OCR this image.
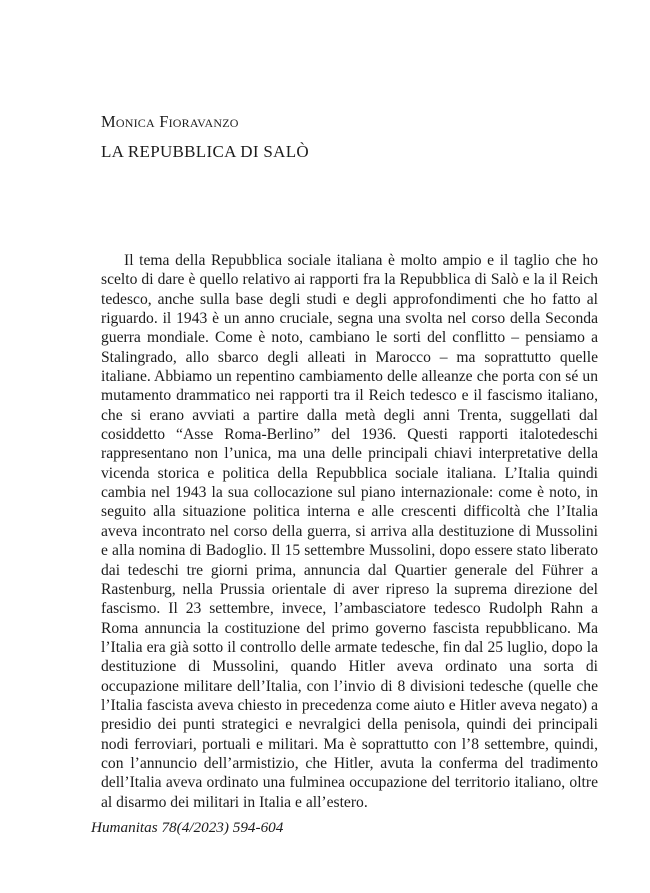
Monica Fioravanzo
LA REPUBBLICA DI SALÒ

Il tema della Repubblica sociale italiana è molto ampio e il taglio che ho scelto di dare è quello relativo ai rapporti fra la Repubblica di Salò e la il Reich tedesco, anche sulla base degli studi e degli approfondimenti che ho fatto al riguardo. il 1943 è un anno cruciale, segna una svolta nel corso della Seconda guerra mondiale. Come è noto, cambiano le sorti del conflitto – pensiamo a Stalingrado, allo sbarco degli alleati in Marocco – ma soprattutto quelle italiane. Abbiamo un repentino cambiamento delle alleanze che porta con sé un mutamento drammatico nei rapporti tra il Reich tedesco e il fascismo italiano, che si erano avviati a partire dalla metà degli anni Trenta, suggellati dal cosiddetto “Asse Roma-Berlino” del 1936. Questi rapporti italotedeschi rappresentano non l’unica, ma una delle principali chiavi interpretative della vicenda storica e politica della Repubblica sociale italiana. L’Italia quindi cambia nel 1943 la sua collocazione sul piano internazionale: come è noto, in seguito alla situazione politica interna e alle crescenti difficoltà che l’Italia aveva incontrato nel corso della guerra, si arriva alla destituzione di Mussolini e alla nomina di Badoglio. Il 15 settembre Mussolini, dopo essere stato liberato dai tedeschi tre giorni prima, annuncia dal Quartier generale del Führer a Rastenburg, nella Prussia orientale di aver ripreso la suprema direzione del fascismo. Il 23 settembre, invece, l’ambasciatore tedesco Rudolph Rahn a Roma annuncia la costituzione del primo governo fascista repubblicano. Ma l’Italia era già sotto il controllo delle armate tedesche, fin dal 25 luglio, dopo la destituzione di Mussolini, quando Hitler aveva ordinato una sorta di occupazione militare dell’Italia, con l’invio di 8 divisioni tedesche (quelle che l’Italia fascista aveva chiesto in precedenza come aiuto e Hitler aveva negato) a presidio dei punti strategici e nevralgici della penisola, quindi dei principali nodi ferroviari, portuali e militari. Ma è soprattutto con l’8 settembre, quindi, con l’annuncio dell’armistizio, che Hitler, avuta la conferma del tradimento dell’Italia aveva ordinato una fulminea occupazione del territorio italiano, oltre al disarmo dei militari in Italia e all’estero.

Humanitas 78(4/2023) 594-604
